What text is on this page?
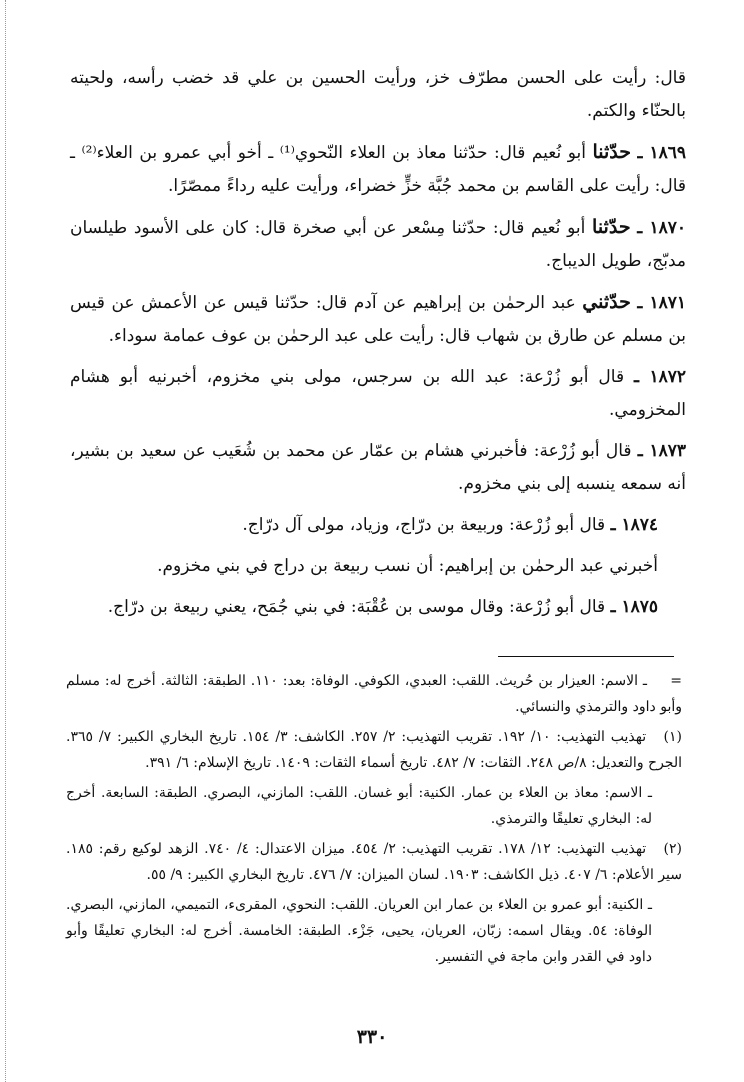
قال: رأيت على الحسن مطرّف خز، ورأيت الحسين بن علي قد خضب رأسه، ولحيته بالحنّاء والكتم.

١٨٦٩ ـ حدّثنا أبو نُعيم قال: حدّثنا معاذ بن العلاء النّحوي⁽¹⁾ ـ أخو أبي عمرو بن العلاء⁽²⁾ ـ قال: رأيت على القاسم بن محمد جُبَّة خزٍّ خضراء، ورأيت عليه رداءً ممصّرًا.

١٨٧٠ ـ حدّثنا أبو نُعيم قال: حدّثنا مِسْعر عن أبي صخرة قال: كان على الأسود طيلسان مدبّج، طويل الديباج.

١٨٧١ ـ حدّثني عبد الرحمٰن بن إبراهيم عن آدم قال: حدّثنا قيس عن الأعمش عن قيس بن مسلم عن طارق بن شهاب قال: رأيت على عبد الرحمٰن بن عوف عمامة سوداء.

١٨٧٢ ـ قال أبو زُرْعة: عبد الله بن سرجس، مولى بني مخزوم، أخبرنيه أبو هشام المخزومي.

١٨٧٣ ـ قال أبو زُرْعة: فأخبرني هشام بن عمّار عن محمد بن شُعَيب عن سعيد بن بشير، أنه سمعه ينسبه إلى بني مخزوم.

١٨٧٤ ـ قال أبو زُرْعة: وربيعة بن درّاج، وزياد، مولى آل درّاج.

أخبرني عبد الرحمٰن بن إبراهيم: أن نسب ربيعة بن دراج في بني مخزوم.

١٨٧٥ ـ قال أبو زُرْعة: وقال موسى بن عُقْبَة: في بني جُمَح، يعني ربيعة بن درّاج.

= ـ الاسم: العيزار بن حُريث. اللقب: العبدي، الكوفي. الوفاة: بعد: ١١٠. الطبقة: الثالثة. أخرج له: مسلم وأبو داود والترمذي والنسائي.

(١) تهذيب التهذيب: ١٠/ ١٩٢. تقريب التهذيب: ٢/ ٢٥٧. الكاشف: ٣/ ١٥٤. تاريخ البخاري الكبير: ٧/ ٣٦٥. الجرح والتعديل: ٨/ص ٢٤٨. الثقات: ٧/ ٤٨٢. تاريخ أسماء الثقات: ١٤٠٩. تاريخ الإسلام: ٦/ ٣٩١.

ـ الاسم: معاذ بن العلاء بن عمار. الكنية: أبو غسان. اللقب: المازني، البصري. الطبقة: السابعة. أخرج له: البخاري تعليقًا والترمذي.

(٢) تهذيب التهذيب: ١٢/ ١٧٨. تقريب التهذيب: ٢/ ٤٥٤. ميزان الاعتدال: ٤/ ٧٤٠. الزهد لوكيع رقم: ١٨٥. سير الأعلام: ٦/ ٤٠٧. ذيل الكاشف: ١٩٠٣. لسان الميزان: ٧/ ٤٧٦. تاريخ البخاري الكبير: ٩/ ٥٥.

ـ الكنية: أبو عمرو بن العلاء بن عمار ابن العريان. اللقب: النحوي، المقرىء، التميمي، المازني، البصري. الوفاة: ٥٤. ويقال اسمه: زبّان، العريان، يحيى، جَزْء. الطبقة: الخامسة. أخرج له: البخاري تعليقًا وأبو داود في القدر وابن ماجة في التفسير.

٣٣٠
